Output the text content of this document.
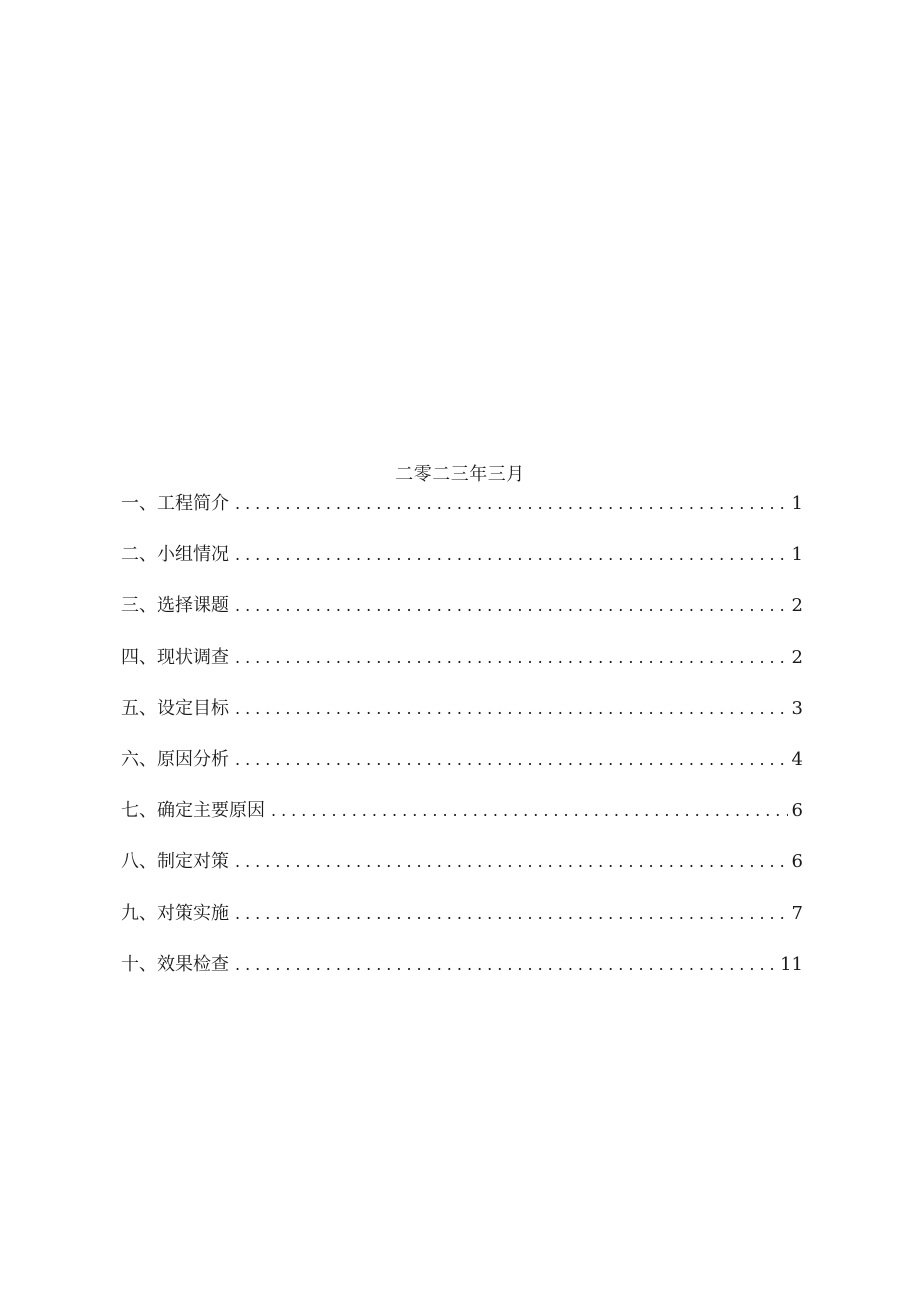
二零二三年三月
一 、 工程简介 .....	1
二 、 小组情况 .....	1
三 、 选择课题 .....	2
四 、 现状调查 .....	2
五 、 设定目标 .....	3
六 、 原因分析 .....	4
七 、 确定主要原因 .....	6
八 、 制定对策 .....	6
九 、 对策实施 .....	7
十 、 效果检查 .....	11
